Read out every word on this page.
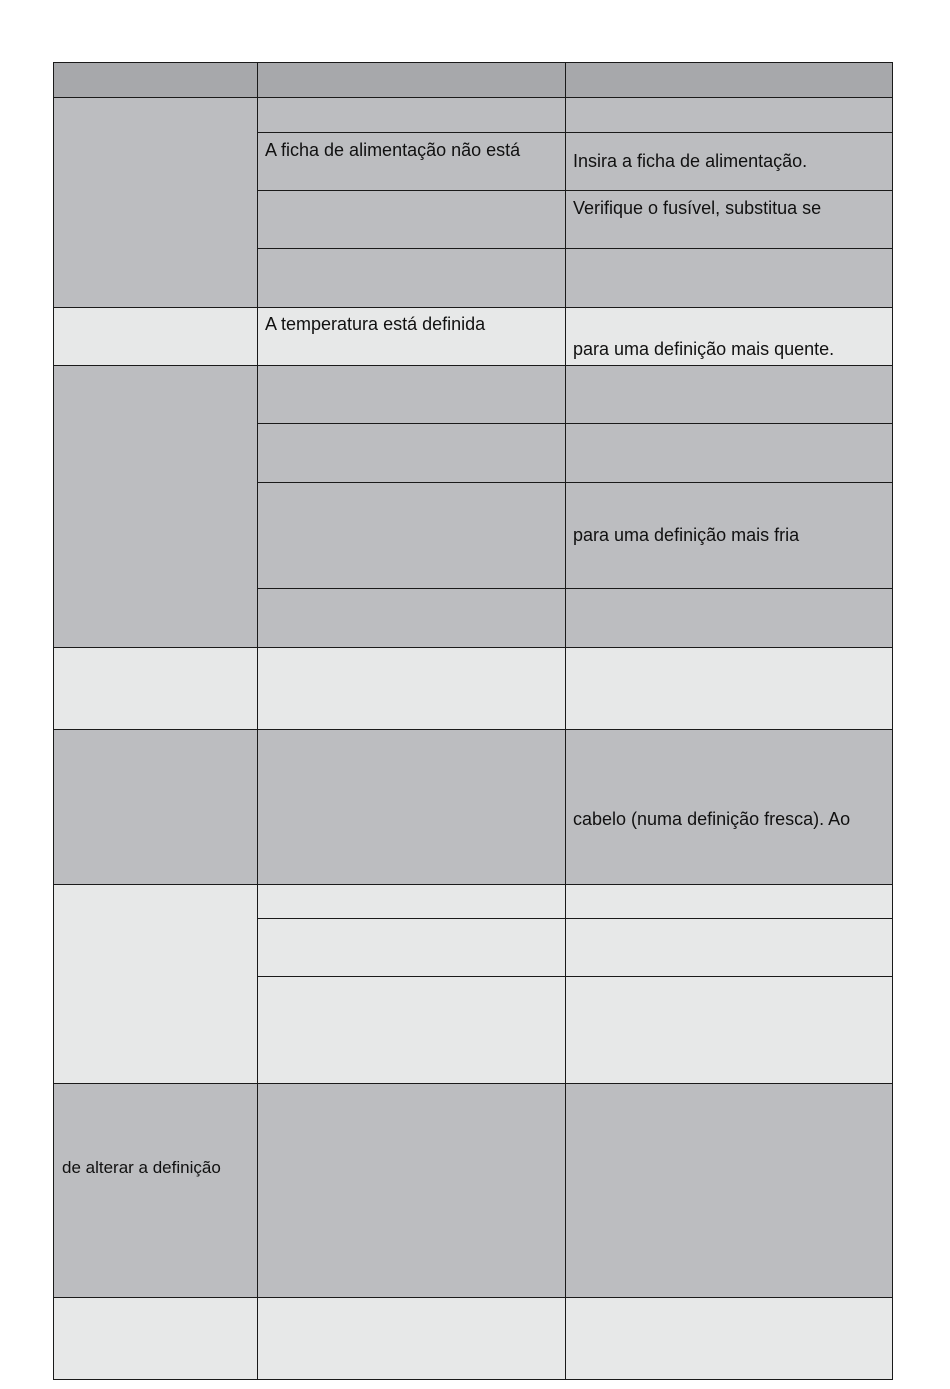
A ficha de alimentação não está
Insira a ficha de alimentação.
Verifique o fusível, substitua se
A temperatura está definida
para uma definição mais quente.
para uma definição mais fria
cabelo (numa definição fresca). Ao
de alterar a definição
